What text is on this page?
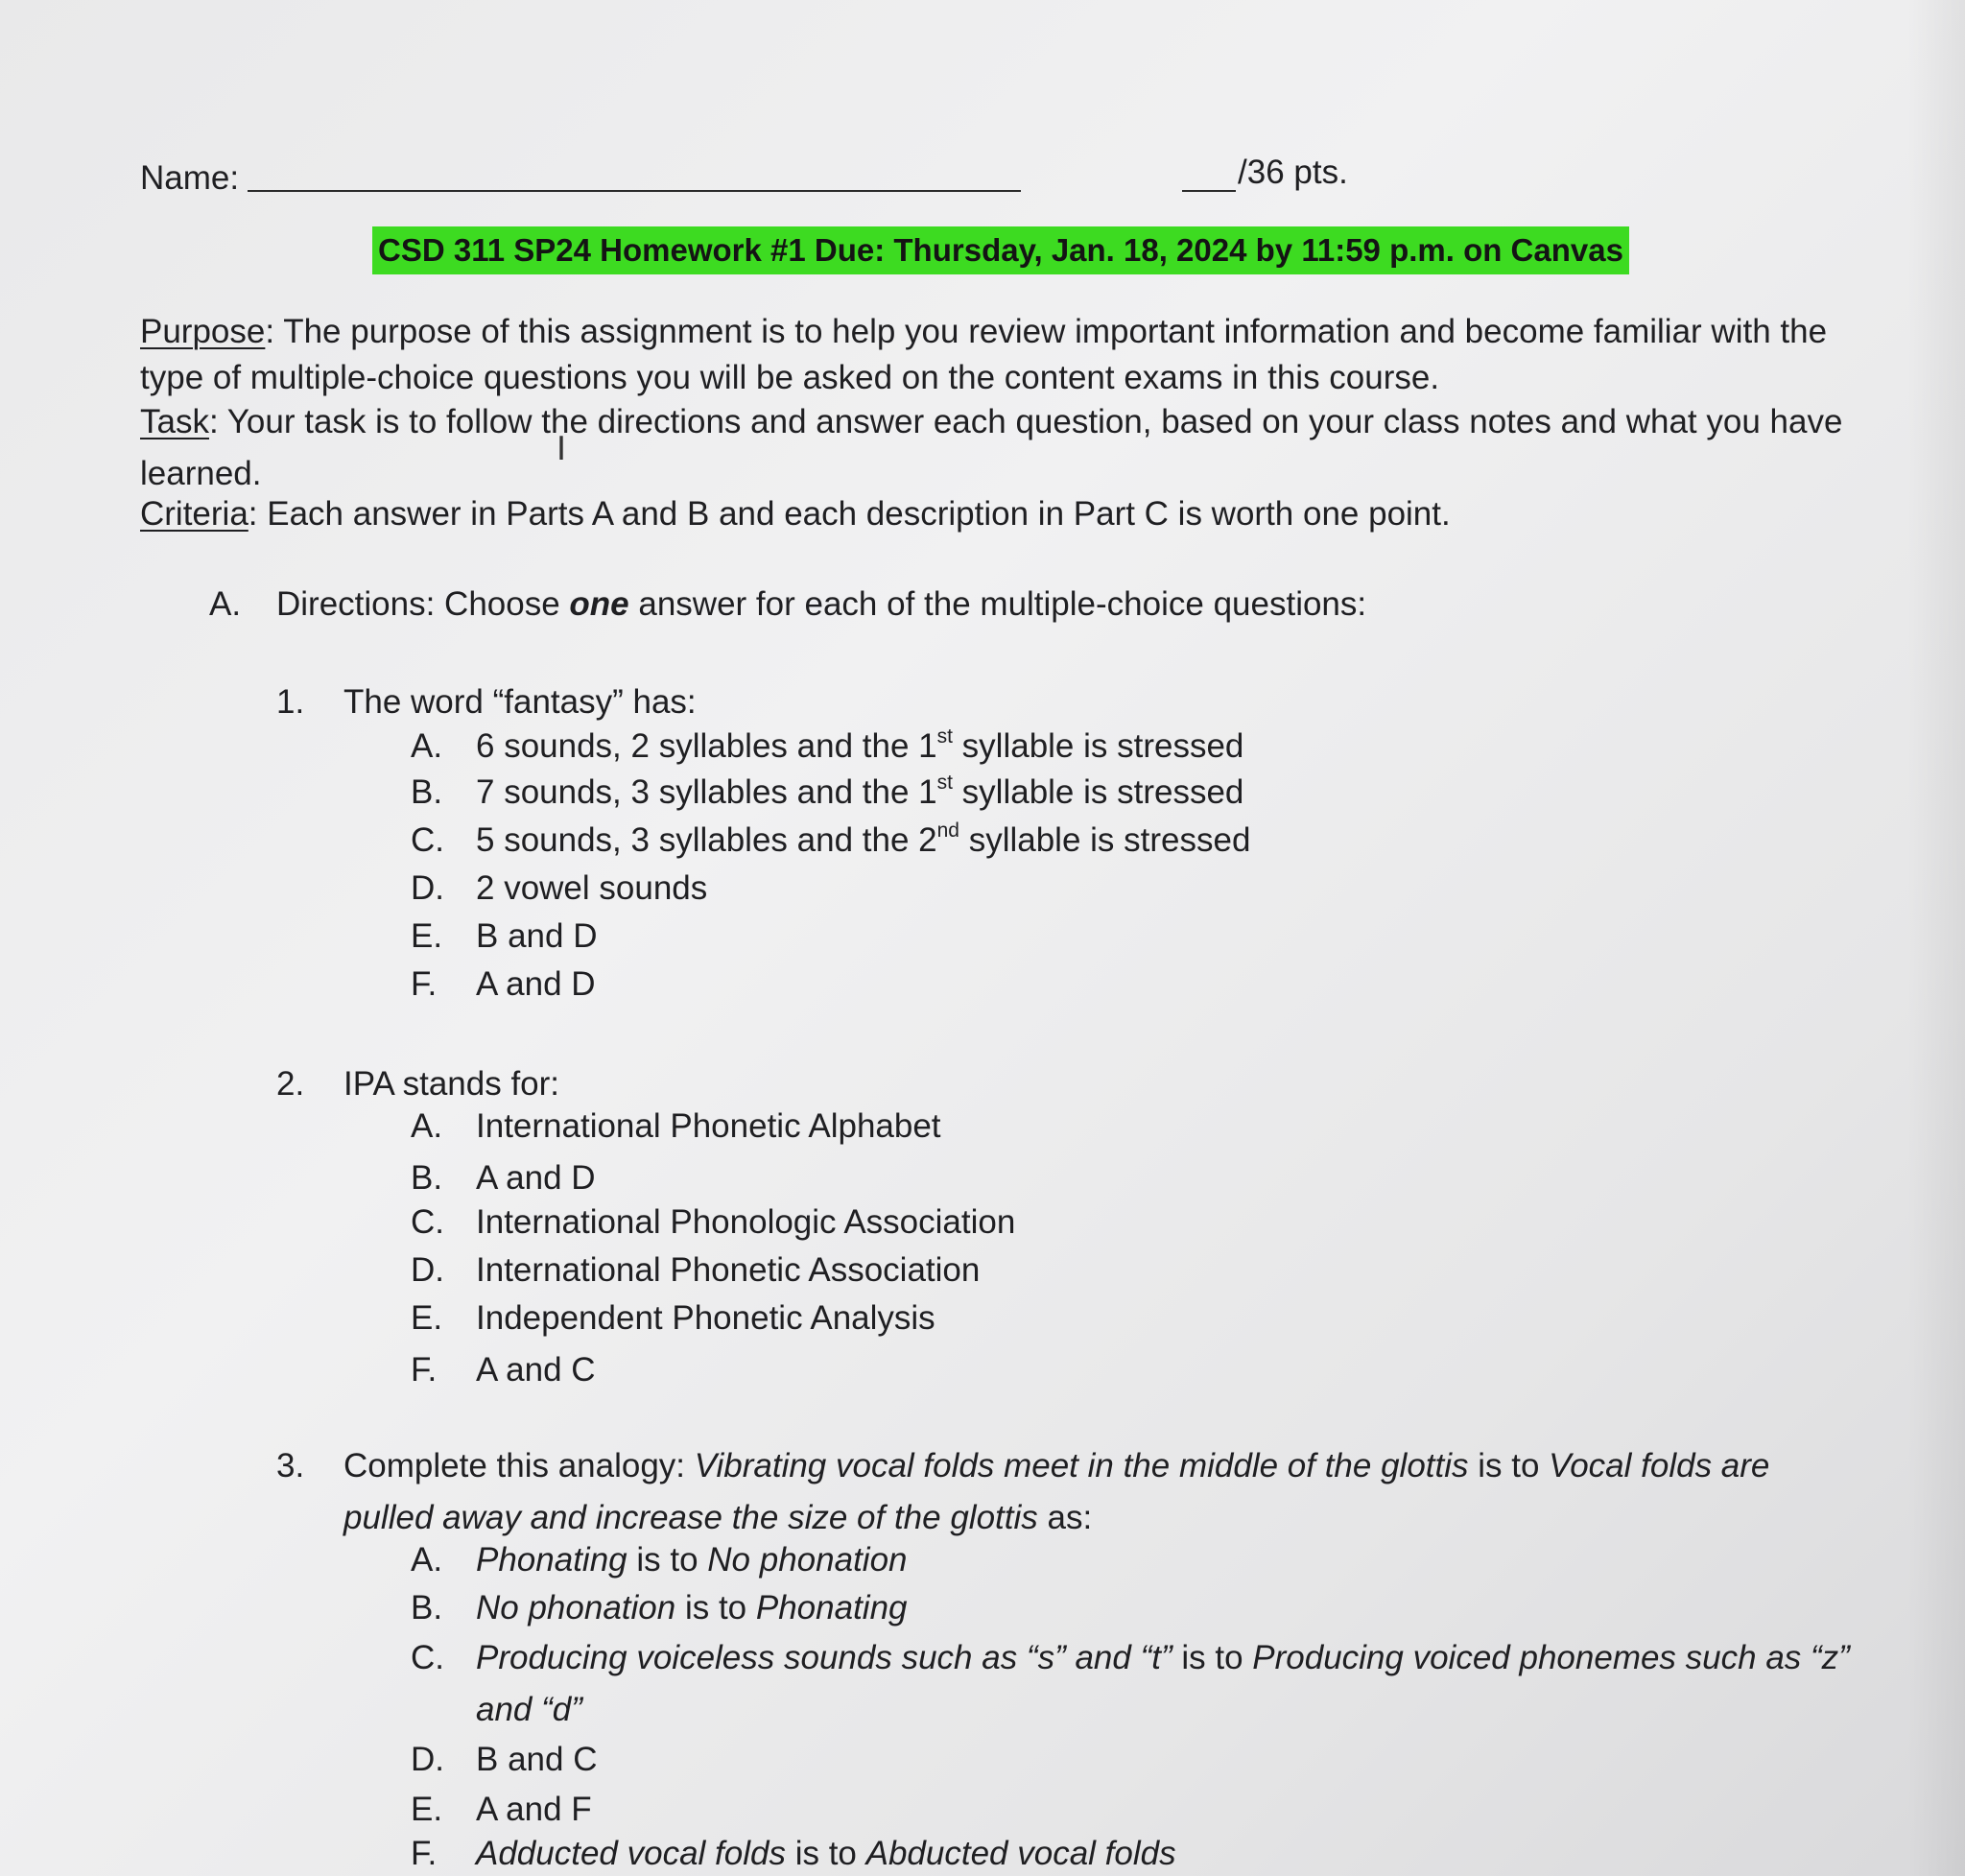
Name:	/36 pts.
CSD 311 SP24 Homework #1 Due: Thursday, Jan. 18, 2024 by 11:59 p.m. on Canvas
Purpose: The purpose of this assignment is to help you review important information and become familiar with the
type of multiple-choice questions you will be asked on the content exams in this course.
Task: Your task is to follow the directions and answer each question, based on your class notes and what you have
learned.
Criteria: Each answer in Parts A and B and each description in Part C is worth one point.
I
A. Directions: Choose one answer for each of the multiple-choice questions:
1. The word “fantasy” has:
A. 6 sounds, 2 syllables and the 1st syllable is stressed
B. 7 sounds, 3 syllables and the 1st syllable is stressed
C. 5 sounds, 3 syllables and the 2nd syllable is stressed
D. 2 vowel sounds
E. B and D
F. A and D
2. IPA stands for:
A. International Phonetic Alphabet
B. A and D
C. International Phonologic Association
D. International Phonetic Association
E. Independent Phonetic Analysis
F. A and C
3. Complete this analogy: Vibrating vocal folds meet in the middle of the glottis is to Vocal folds are
pulled away and increase the size of the glottis as:
A. Phonating is to No phonation
B. No phonation is to Phonating
C. Producing voiceless sounds such as “s” and “t” is to Producing voiced phonemes such as “z”
and “d”
D. B and C
E. A and F
F. Adducted vocal folds is to Abducted vocal folds
